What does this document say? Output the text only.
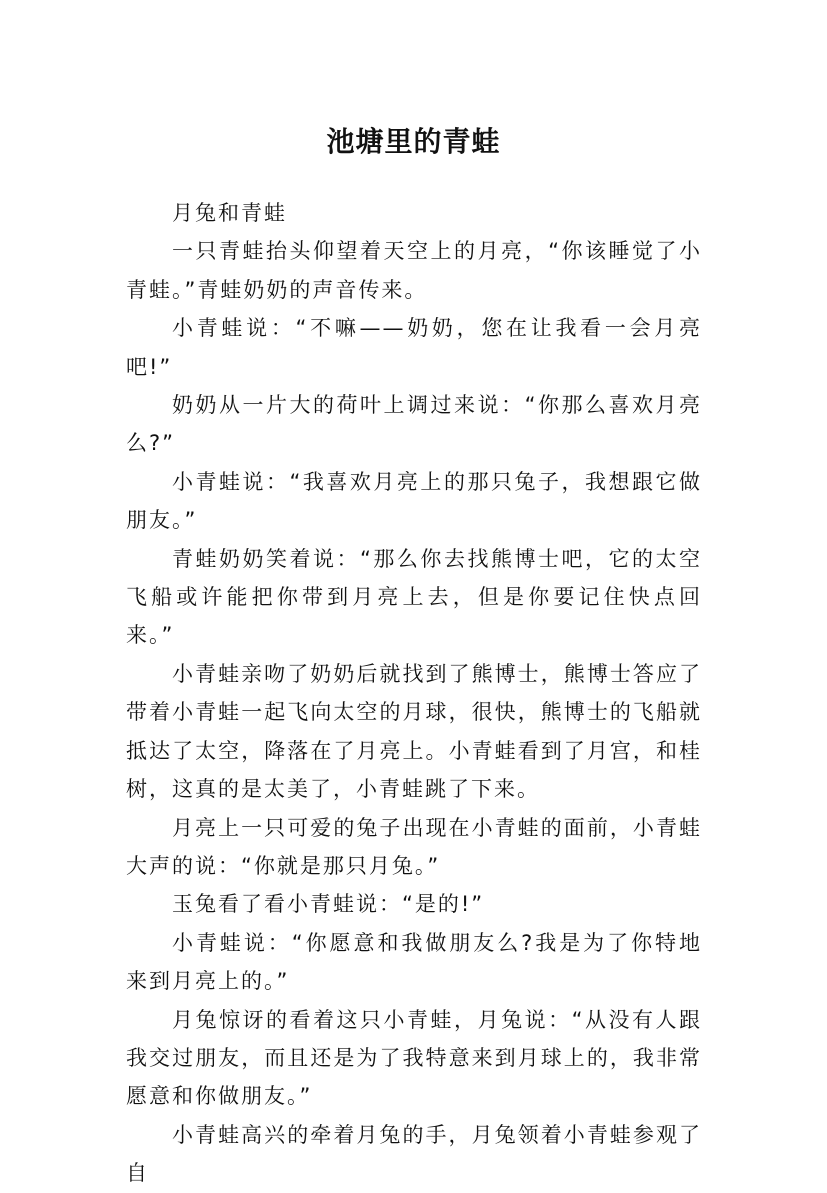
池塘里的青蛙

月兔和青蛙

一只青蛙抬头仰望着天空上的月亮，“你该睡觉了小青蛙。”青蛙奶奶的声音传来。

小青蛙说：“不嘛——奶奶，您在让我看一会月亮吧!”

奶奶从一片大的荷叶上调过来说：“你那么喜欢月亮么?”

小青蛙说：“我喜欢月亮上的那只兔子，我想跟它做朋友。”

青蛙奶奶笑着说：“那么你去找熊博士吧，它的太空飞船或许能把你带到月亮上去，但是你要记住快点回来。”

小青蛙亲吻了奶奶后就找到了熊博士，熊博士答应了带着小青蛙一起飞向太空的月球，很快，熊博士的飞船就抵达了太空，降落在了月亮上。小青蛙看到了月宫，和桂树，这真的是太美了，小青蛙跳了下来。

月亮上一只可爱的兔子出现在小青蛙的面前，小青蛙大声的说：“你就是那只月兔。”

玉兔看了看小青蛙说：“是的!”

小青蛙说：“你愿意和我做朋友么?我是为了你特地来到月亮上的。”

月兔惊讶的看着这只小青蛙，月兔说：“从没有人跟我交过朋友，而且还是为了我特意来到月球上的，我非常愿意和你做朋友。”

小青蛙高兴的牵着月兔的手，月兔领着小青蛙参观了自
